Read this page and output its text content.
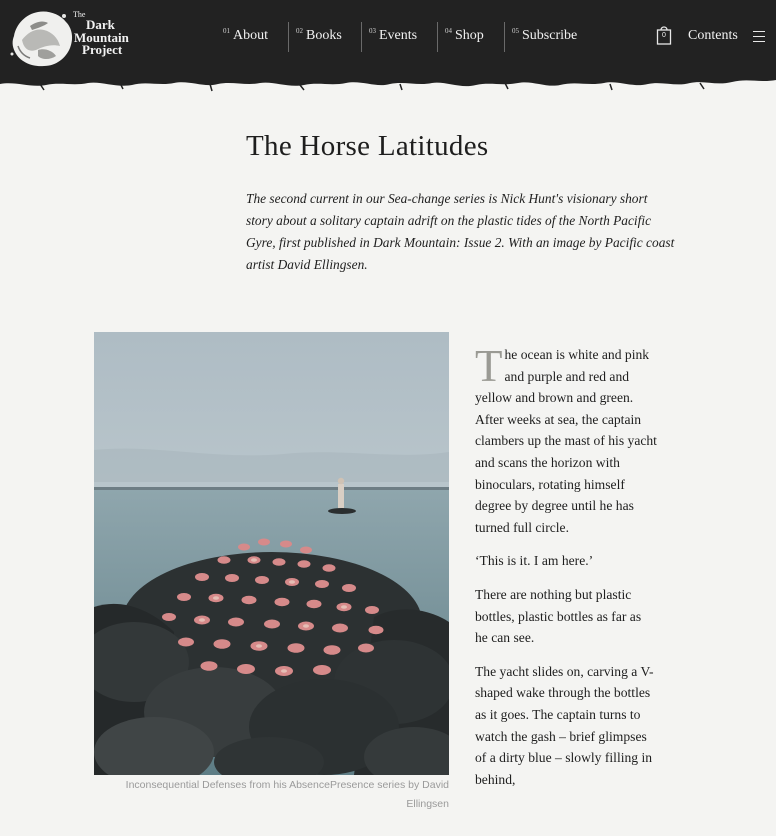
The
Dark
Mountain
Project
$^{01}$ About	$^{02}$ Books	$^{03}$ Events	$^{04}$ Shop	$^{05}$ Subscribe	0	Contents
The Horse Latitudes

The second current in our Sea-change series is Nick Hunt's visionary short story about a solitary captain adrift on the plastic tides of the North Pacific Gyre, first published in Dark Mountain: Issue 2. With an image by Pacific coast artist David Ellingsen.

Inconsequential Defenses from his AbsencePresence series by David Ellingsen

The ocean is white and pink and purple and red and yellow and brown and green. After weeks at sea, the captain clambers up the mast of his yacht and scans the horizon with binoculars, rotating himself degree by degree until he has turned full circle.

‘This is it. I am here.’

There are nothing but plastic bottles, plastic bottles as far as he can see.

The yacht slides on, carving a V-shaped wake through the bottles as it goes. The captain turns to watch the gash – brief glimpses of a dirty blue – slowly filling in behind,
